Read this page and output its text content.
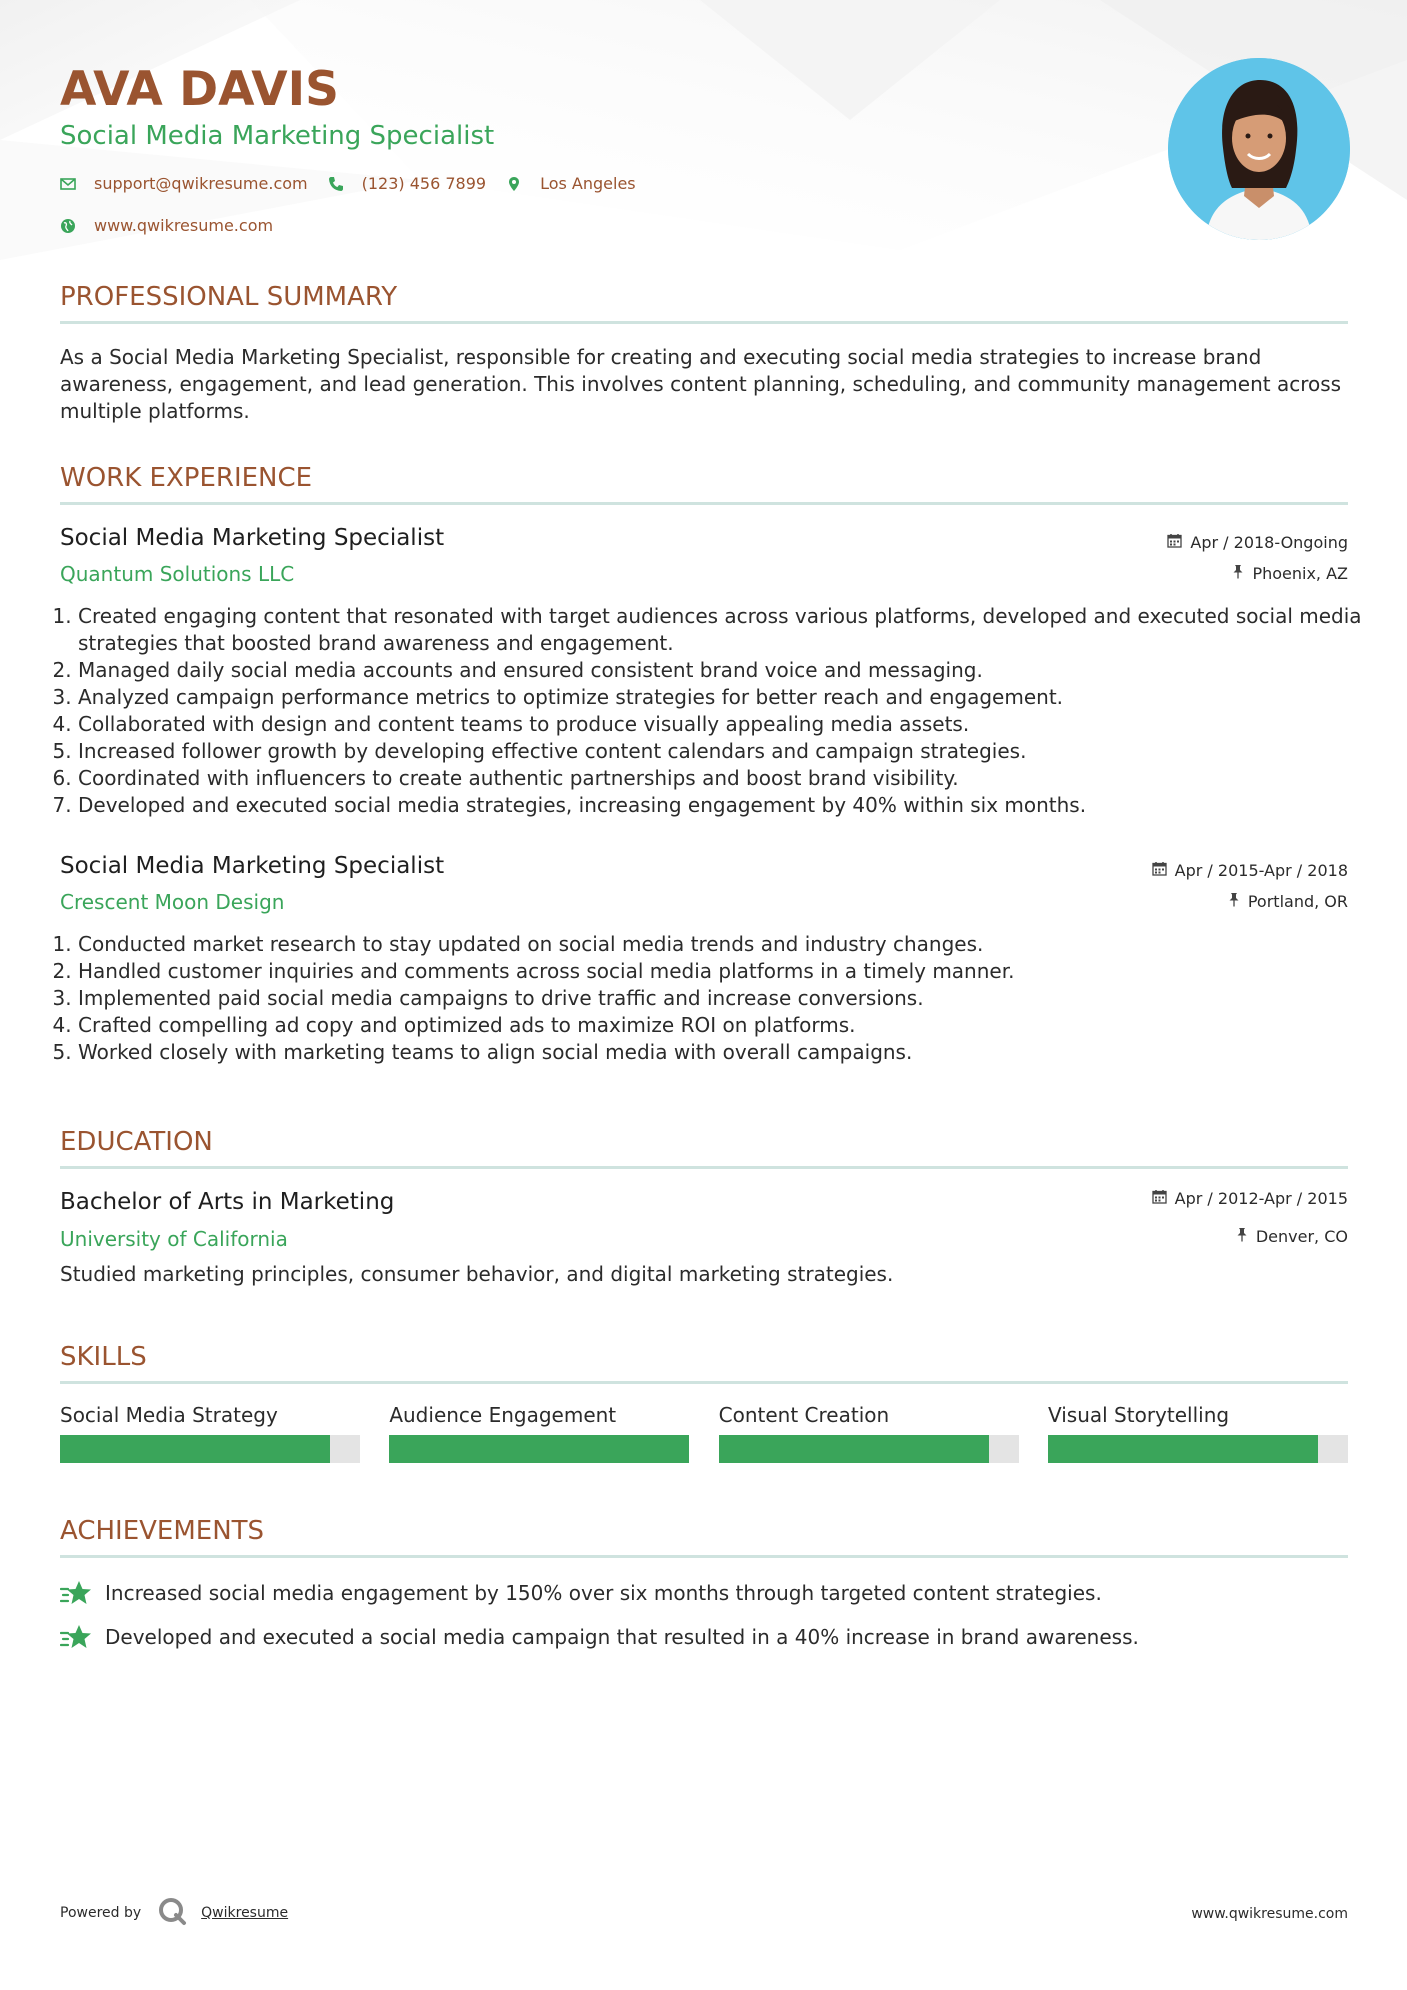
AVA DAVIS
Social Media Marketing Specialist
support@qwikresume.com	(123) 456 7899	Los Angeles
www.qwikresume.com
PROFESSIONAL SUMMARY

As a Social Media Marketing Specialist, responsible for creating and executing social media strategies to increase brand awareness, engagement, and lead generation. This involves content planning, scheduling, and community management across multiple platforms.

WORK EXPERIENCE
Social Media Marketing Specialist
Quantum Solutions LLC
Apr / 2018-Ongoing
Phoenix, AZ
1. Created engaging content that resonated with target audiences across various platforms, developed and executed social media strategies that boosted brand awareness and engagement.
2. Managed daily social media accounts and ensured consistent brand voice and messaging.
3. Analyzed campaign performance metrics to optimize strategies for better reach and engagement.
4. Collaborated with design and content teams to produce visually appealing media assets.
5. Increased follower growth by developing effective content calendars and campaign strategies.
6. Coordinated with influencers to create authentic partnerships and boost brand visibility.
7. Developed and executed social media strategies, increasing engagement by 40% within six months.
Social Media Marketing Specialist
Crescent Moon Design
Apr / 2015-Apr / 2018
Portland, OR
1. Conducted market research to stay updated on social media trends and industry changes.
2. Handled customer inquiries and comments across social media platforms in a timely manner.
3. Implemented paid social media campaigns to drive traffic and increase conversions.
4. Crafted compelling ad copy and optimized ads to maximize ROI on platforms.
5. Worked closely with marketing teams to align social media with overall campaigns.
EDUCATION
Bachelor of Arts in Marketing
University of California
Apr / 2012-Apr / 2015
Denver, CO

Studied marketing principles, consumer behavior, and digital marketing strategies.

SKILLS
Social Media Strategy	Audience Engagement	Content Creation	Visual Storytelling
ACHIEVEMENTS
Increased social media engagement by 150% over six months through targeted content strategies.
Developed and executed a social media campaign that resulted in a 40% increase in brand awareness.
Powered by	Qwikresume	www.qwikresume.com
